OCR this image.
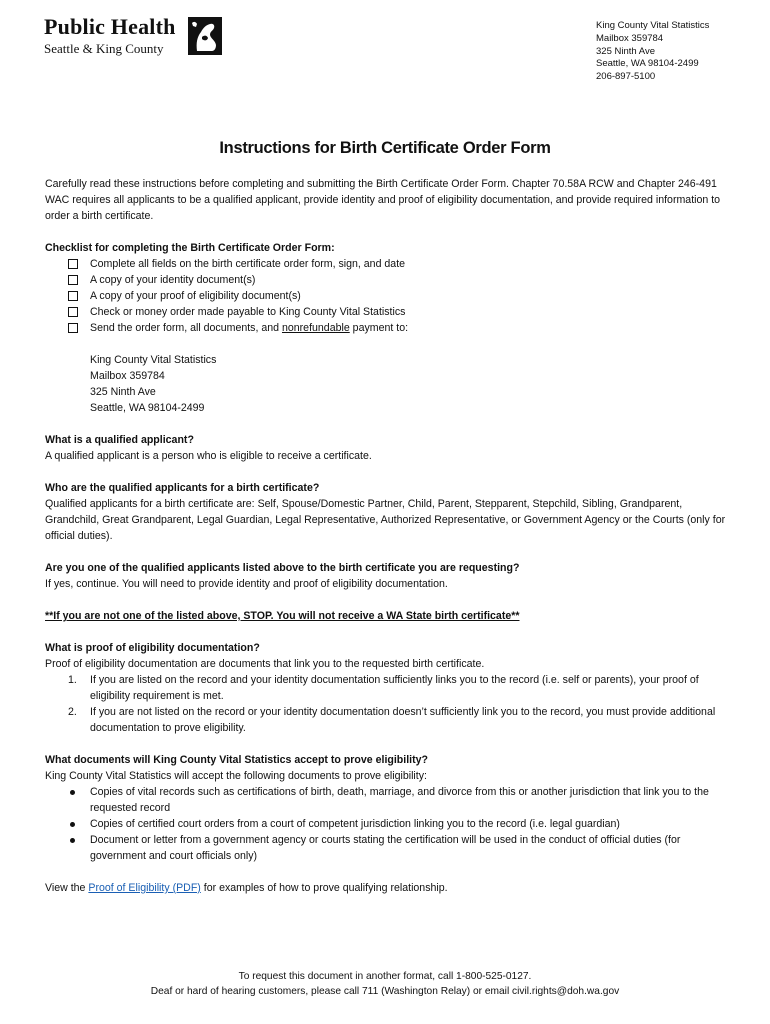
Public Health
Seattle & King County
King County Vital Statistics
Mailbox 359784
325 Ninth Ave
Seattle, WA 98104-2499
206-897-5100
Instructions for Birth Certificate Order Form

Carefully read these instructions before completing and submitting the Birth Certificate Order Form. Chapter 70.58A RCW and Chapter 246-491 WAC requires all applicants to be a qualified applicant, provide identity and proof of eligibility documentation, and provide required information to order a birth certificate.

Checklist for completing the Birth Certificate Order Form:

Complete all fields on the birth certificate order form, sign, and date
A copy of your identity document(s)
A copy of your proof of eligibility document(s)
Check or money order made payable to King County Vital Statistics
Send the order form, all documents, and nonrefundable payment to:
King County Vital Statistics
Mailbox 359784
325 Ninth Ave
Seattle, WA 98104-2499

What is a qualified applicant?

A qualified applicant is a person who is eligible to receive a certificate.

Who are the qualified applicants for a birth certificate?

Qualified applicants for a birth certificate are: Self, Spouse/Domestic Partner, Child, Parent, Stepparent, Stepchild, Sibling, Grandparent, Grandchild, Great Grandparent, Legal Guardian, Legal Representative, Authorized Representative, or Government Agency or the Courts (only for official duties).

Are you one of the qualified applicants listed above to the birth certificate you are requesting?

If yes, continue. You will need to provide identity and proof of eligibility documentation.

**If you are not one of the listed above, STOP. You will not receive a WA State birth certificate**

What is proof of eligibility documentation?

Proof of eligibility documentation are documents that link you to the requested birth certificate.

1. If you are listed on the record and your identity documentation sufficiently links you to the record (i.e. self or parents), your proof of eligibility requirement is met.
2. If you are not listed on the record or your identity documentation doesn’t sufficiently link you to the record, you must provide additional documentation to prove eligibility.

What documents will King County Vital Statistics accept to prove eligibility?

King County Vital Statistics will accept the following documents to prove eligibility:

Copies of vital records such as certifications of birth, death, marriage, and divorce from this or another jurisdiction that link you to the requested record
Copies of certified court orders from a court of competent jurisdiction linking you to the record (i.e. legal guardian)
Document or letter from a government agency or courts stating the certification will be used in the conduct of official duties (for government and court officials only)

View the Proof of Eligibility (PDF) for examples of how to prove qualifying relationship.

To request this document in another format, call 1-800-525-0127.
Deaf or hard of hearing customers, please call 711 (Washington Relay) or email civil.rights@doh.wa.gov
